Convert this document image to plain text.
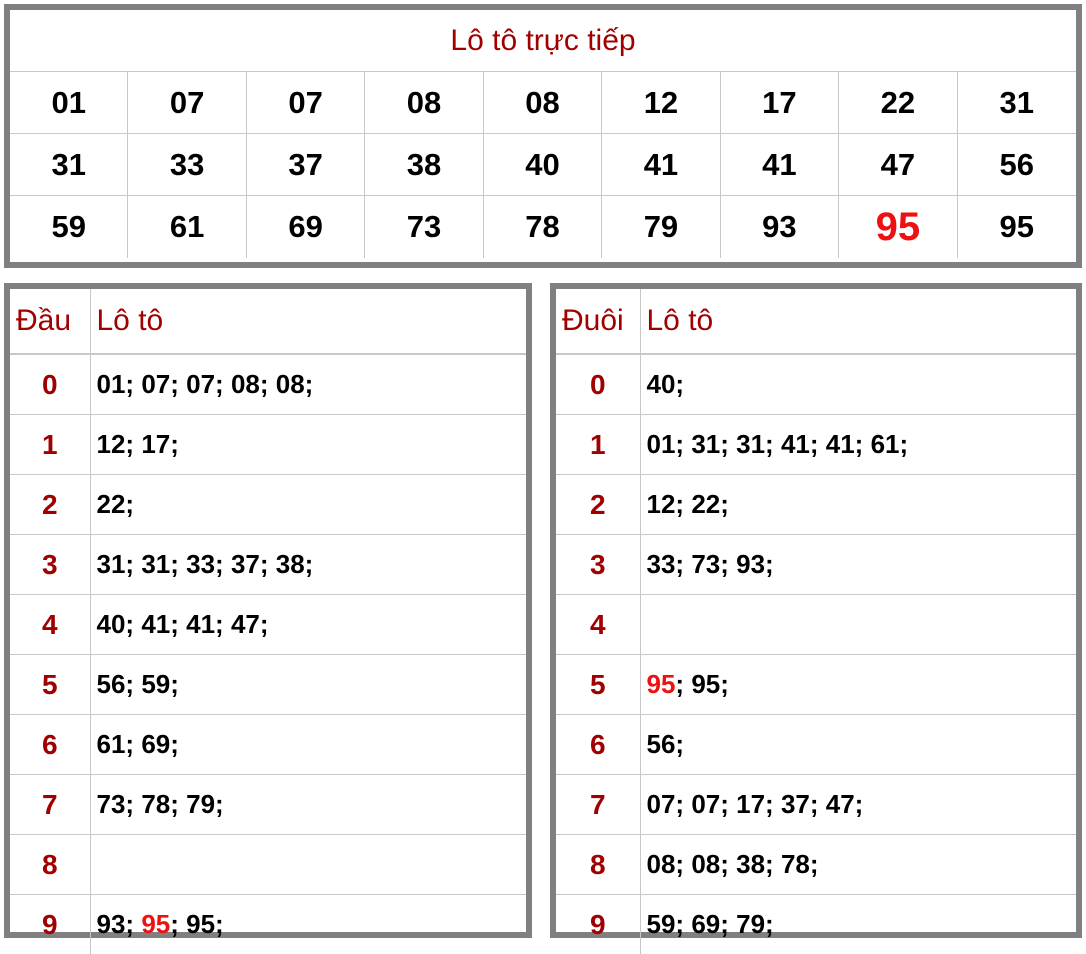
Lô tô trực tiếp
01	07	07	08	08	12	17	22	31
31	33	37	38	40	41	41	47	56
59	61	69	73	78	79	93	95	95
Đầu	Lô tô
0	01; 07; 07; 08; 08;
1	12; 17;
2	22;
3	31; 31; 33; 37; 38;
4	40; 41; 41; 47;
5	56; 59;
6	61; 69;
7	73; 78; 79;
8	
9	93; 95; 95;
Đuôi	Lô tô
0	40;
1	01; 31; 31; 41; 41; 61;
2	12; 22;
3	33; 73; 93;
4	
5	95; 95;
6	56;
7	07; 07; 17; 37; 47;
8	08; 08; 38; 78;
9	59; 69; 79;
